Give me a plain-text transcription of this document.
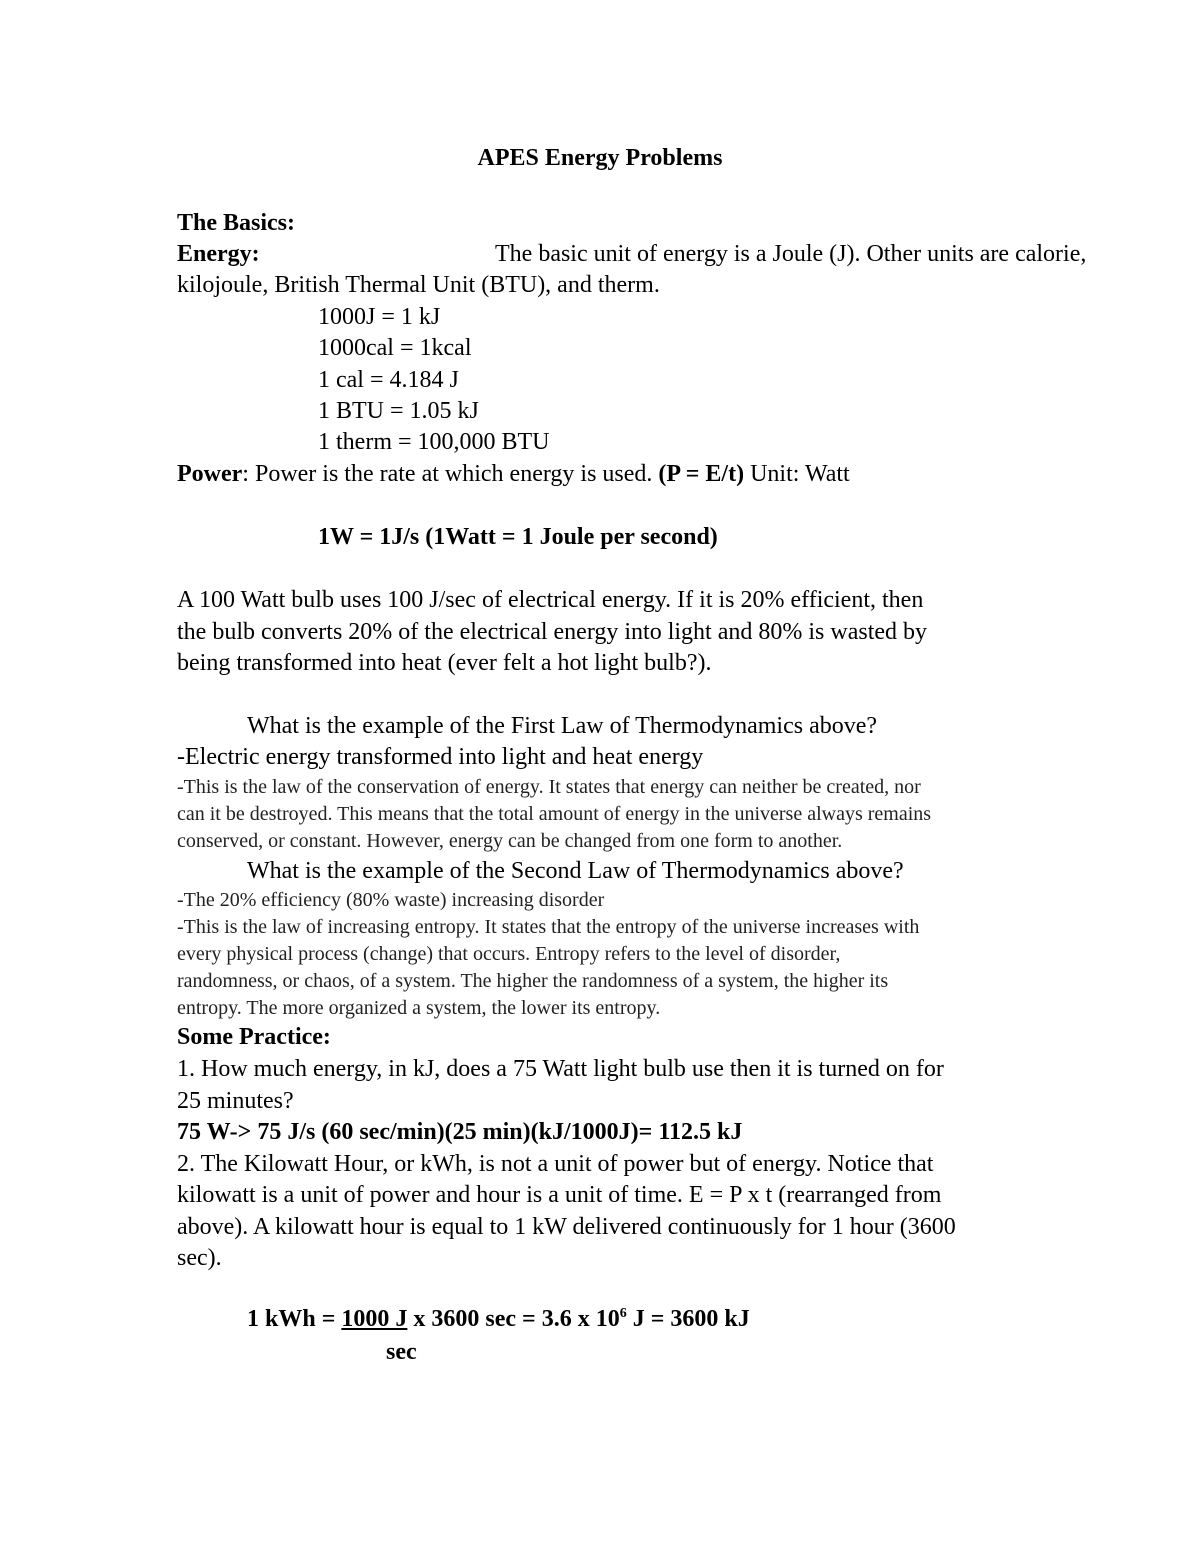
APES Energy Problems
The Basics:
Energy:	The basic unit of energy is a Joule (J). Other units are calorie,
kilojoule, British Thermal Unit (BTU), and therm.
1000J = 1 kJ
1000cal = 1kcal
1 cal = 4.184 J
1 BTU = 1.05 kJ
1 therm = 100,000 BTU
Power: Power is the rate at which energy is used. (P = E/t) Unit: Watt
1W = 1J/s (1Watt = 1 Joule per second)
A 100 Watt bulb uses 100 J/sec of electrical energy. If it is 20% efficient, then
the bulb converts 20% of the electrical energy into light and 80% is wasted by
being transformed into heat (ever felt a hot light bulb?).
What is the example of the First Law of Thermodynamics above?
-Electric energy transformed into light and heat energy
-This is the law of the conservation of energy. It states that energy can neither be created, nor
can it be destroyed. This means that the total amount of energy in the universe always remains
conserved, or constant. However, energy can be changed from one form to another.
What is the example of the Second Law of Thermodynamics above?
-The 20% efficiency (80% waste) increasing disorder
-This is the law of increasing entropy. It states that the entropy of the universe increases with
every physical process (change) that occurs. Entropy refers to the level of disorder,
randomness, or chaos, of a system. The higher the randomness of a system, the higher its
entropy. The more organized a system, the lower its entropy.
Some Practice:
1. How much energy, in kJ, does a 75 Watt light bulb use then it is turned on for
25 minutes?
75 W-> 75 J/s (60 sec/min)(25 min)(kJ/1000J)= 112.5 kJ
2. The Kilowatt Hour, or kWh, is not a unit of power but of energy. Notice that
kilowatt is a unit of power and hour is a unit of time. E = P x t (rearranged from
above). A kilowatt hour is equal to 1 kW delivered continuously for 1 hour (3600
sec).
1 kWh = 1000 J x 3600 sec = 3.6 x $10^6$ J = 3600 kJ
sec
